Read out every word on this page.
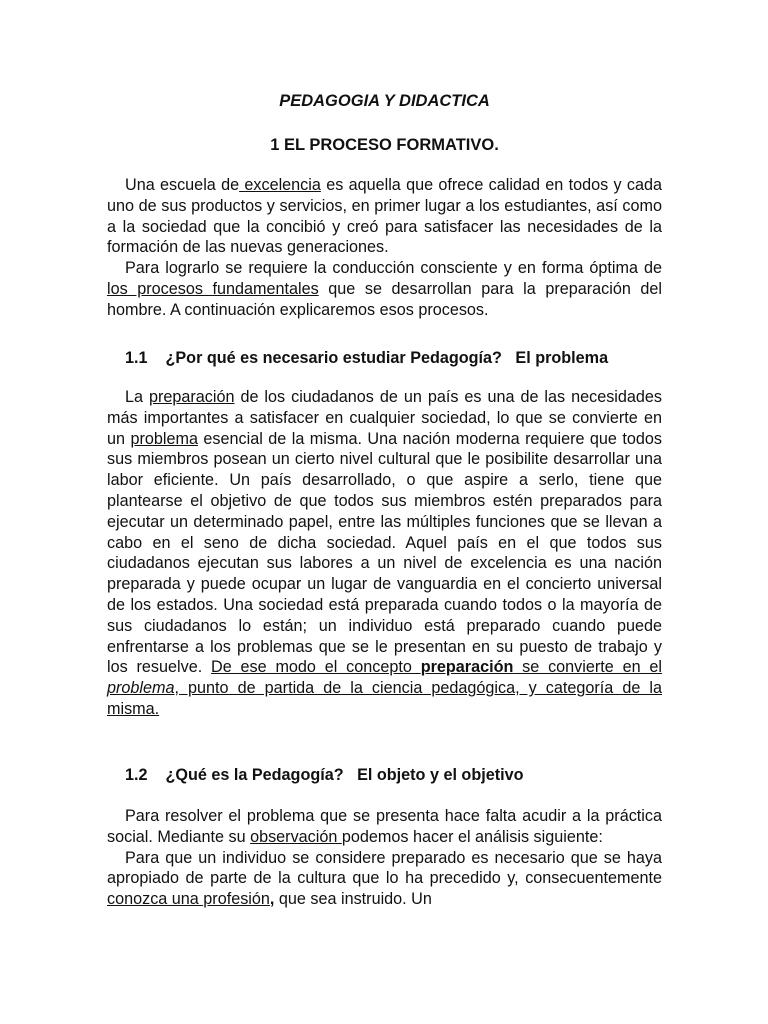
PEDAGOGIA Y DIDACTICA

1 EL PROCESO FORMATIVO.

Una escuela de excelencia es aquella que ofrece calidad en todos y cada uno de sus productos y servicios, en primer lugar a los estudiantes, así como a la sociedad que la concibió y creó para satisfacer las necesidades de la formación de las nuevas generaciones.

Para lograrlo se requiere la conducción consciente y en forma óptima de los procesos fundamentales que se desarrollan para la preparación del hombre. A continuación explicaremos esos procesos.

1.1    ¿Por qué es necesario estudiar Pedagogía?   El problema

La preparación de los ciudadanos de un país es una de las necesidades más importantes a satisfacer en cualquier sociedad, lo que se convierte en un problema esencial de la misma. Una nación moderna requiere que todos sus miembros posean un cierto nivel cultural que le posibilite desarrollar una labor eficiente. Un país desarrollado, o que aspire a serlo, tiene que plantearse el objetivo de que todos sus miembros estén preparados para ejecutar un determinado papel, entre las múltiples funciones que se llevan a cabo en el seno de dicha sociedad. Aquel país en el que todos sus ciudadanos ejecutan sus labores a un nivel de excelencia es una nación preparada y puede ocupar un lugar de vanguardia en el concierto universal de los estados. Una sociedad está preparada cuando todos o la mayoría de sus ciudadanos lo están; un individuo está preparado cuando puede enfrentarse a los problemas que se le presentan en su puesto de trabajo y los resuelve. De ese modo el concepto preparación se convierte en el problema, punto de partida de la ciencia pedagógica, y categoría de la misma.

1.2    ¿Qué es la Pedagogía?   El objeto y el objetivo

Para resolver el problema que se presenta hace falta acudir a la práctica social. Mediante su observación podemos hacer el análisis siguiente:

Para que un individuo se considere preparado es necesario que se haya apropiado de parte de la cultura que lo ha precedido y, consecuentemente conozca una profesión, que sea instruido. Un
